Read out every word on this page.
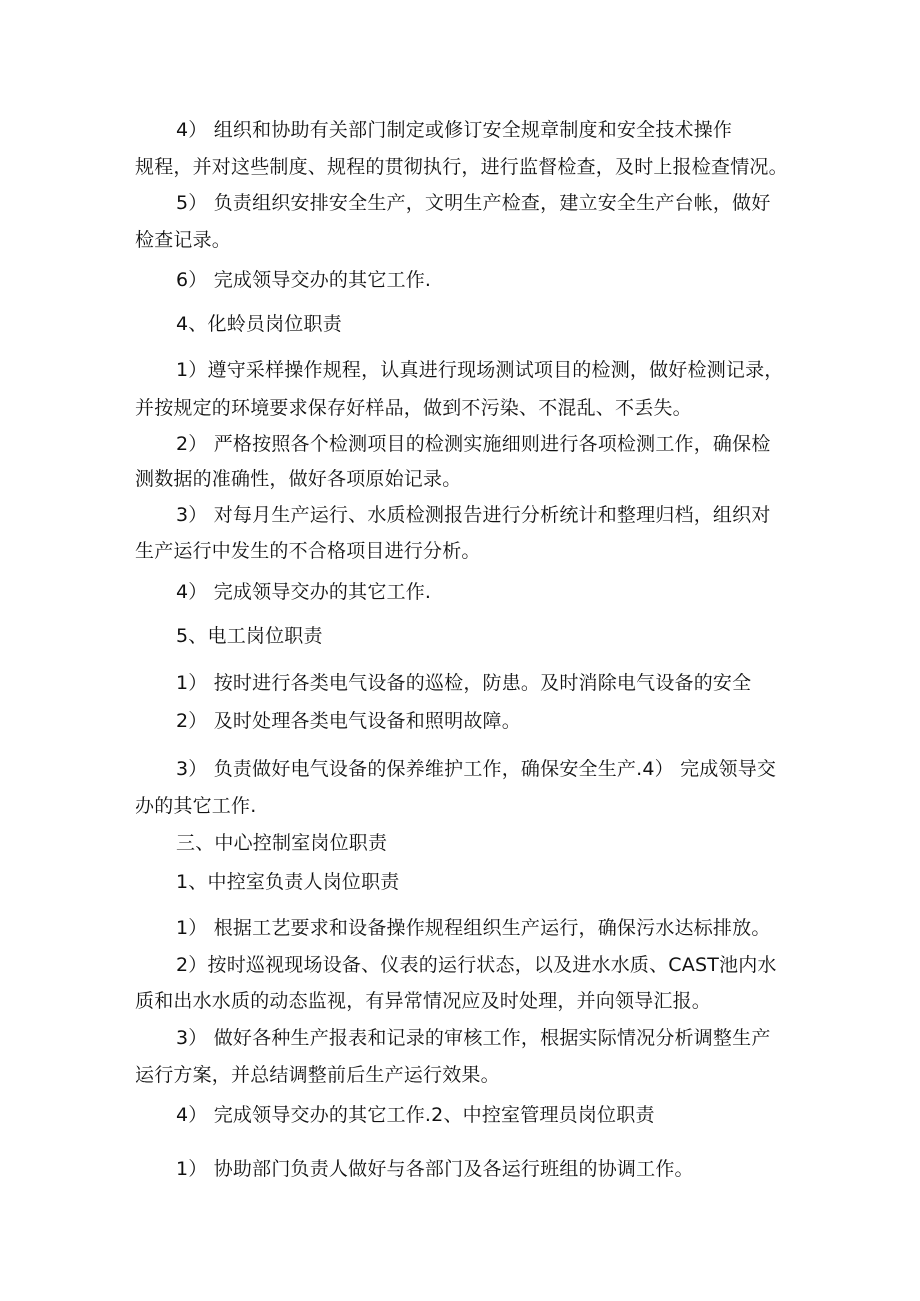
4） 组织和协助有关部门制定或修订安全规章制度和安全技术操作
规程，并对这些制度、规程的贯彻执行，进行监督检查，及时上报检查情况。
5） 负责组织安排安全生产，文明生产检查，建立安全生产台帐，做好
检查记录。
6） 完成领导交办的其它工作.
4、化蛉员岗位职责
1）遵守采样操作规程，认真进行现场测试项目的检测，做好检测记录，
并按规定的环境要求保存好样品，做到不污染、不混乱、不丢失。
2） 严格按照各个检测项目的检测实施细则进行各项检测工作，确保检
测数据的准确性，做好各项原始记录。
3） 对每月生产运行、水质检测报告进行分析统计和整理归档，组织对
生产运行中发生的不合格项目进行分析。
4） 完成领导交办的其它工作.
5、电工岗位职责
1） 按时进行各类电气设备的巡检，防患。及时消除电气设备的安全
2） 及时处理各类电气设备和照明故障。
3） 负责做好电气设备的保养维护工作，确保安全生产.4） 完成领导交
办的其它工作.
三、中心控制室岗位职责
1、中控室负责人岗位职责
1） 根据工艺要求和设备操作规程组织生产运行，确保污水达标排放。
2）按时巡视现场设备、仪表的运行状态，以及进水水质、CAST池内水
质和出水水质的动态监视，有异常情况应及时处理，并向领导汇报。
3） 做好各种生产报表和记录的审核工作，根据实际情况分析调整生产
运行方案，并总结调整前后生产运行效果。
4） 完成领导交办的其它工作.2、中控室管理员岗位职责
1） 协助部门负责人做好与各部门及各运行班组的协调工作。
